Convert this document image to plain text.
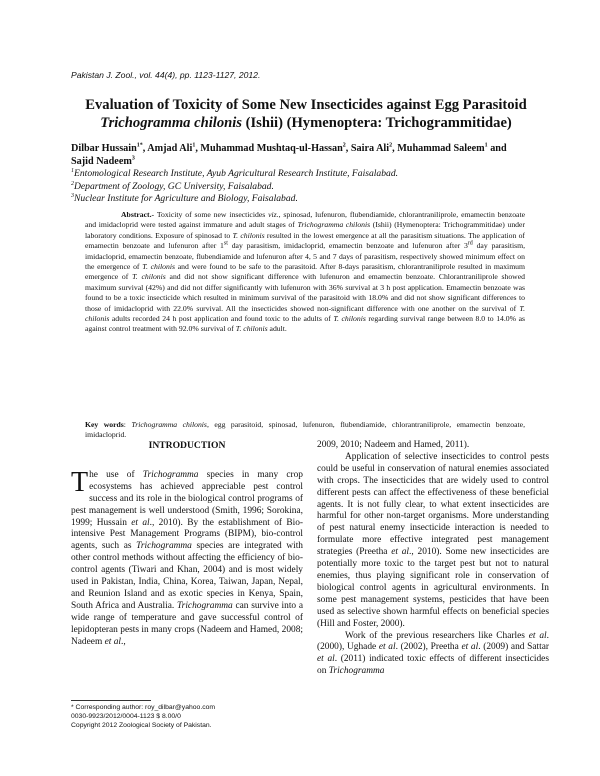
Pakistan J. Zool., vol. 44(4), pp. 1123-1127, 2012.
Evaluation of Toxicity of Some New Insecticides against Egg Parasitoid
Trichogramma chilonis (Ishii) (Hymenoptera: Trichogrammitidae)
Dilbar Hussain$^{1*}$, Amjad Ali$^1$, Muhammad Mushtaq-ul-Hassan$^2$, Saira Ali$^2$, Muhammad Saleem$^1$ and
Sajid Nadeem$^3$
$^1$Entomological Research Institute, Ayub Agricultural Research Institute, Faisalabad.
$^2$Department of Zoology, GC University, Faisalabad.
$^3$Nuclear Institute for Agriculture and Biology, Faisalabad.
Abstract.- Toxicity of some new insecticides viz., spinosad, lufenuron, flubendiamide, chlorantraniliprole, emamectin benzoate and imidacloprid were tested against immature and adult stages of Trichogramma chilonis (Ishii) (Hymenoptera: Trichogrammitidae) under laboratory conditions. Exposure of spinosad to T. chilonis resulted in the lowest emergence at all the parasitism situations. The application of emamectin benzoate and lufenuron after 1st day parasitism, imidacloprid, emamectin benzoate and lufenuron after 3rd day parasitism, imidacloprid, emamectin benzoate, flubendiamide and lufenuron after 4, 5 and 7 days of parasitism, respectively showed minimum effect on the emergence of T. chilonis and were found to be safe to the parasitoid. After 8-days parasitism, chlorantraniliprole resulted in maximum emergence of T. chilonis and did not show significant difference with lufenuron and emamectin benzoate. Chlorantraniliprole showed maximum survival (42%) and did not differ significantly with lufenuron with 36% survival at 3 h post application. Emamectin benzoate was found to be a toxic insecticide which resulted in minimum survival of the parasitoid with 18.0% and did not show significant differences to those of imidacloprid with 22.0% survival. All the insecticides showed non-significant difference with one another on the survival of T. chilonis adults recorded 24 h post application and found toxic to the adults of T. chilonis regarding survival range between 8.0 to 14.0% as against control treatment with 92.0% survival of T. chilonis adult.
Key words: Trichogramma chilonis, egg parasitoid, spinosad, lufenuron, flubendiamide, chlorantraniliprole, emamectin benzoate, imidacloprid.

INTRODUCTION

The use of Trichogramma species in many crop ecosystems has achieved appreciable pest control success and its role in the biological control programs of pest management is well understood (Smith, 1996; Sorokina, 1999; Hussain et al., 2010). By the establishment of Bio-intensive Pest Management Programs (BIPM), bio-control agents, such as Trichogramma species are integrated with other control methods without affecting the efficiency of bio-control agents (Tiwari and Khan, 2004) and is most widely used in Pakistan, India, China, Korea, Taiwan, Japan, Nepal, and Reunion Island and as exotic species in Kenya, Spain, South Africa and Australia. Trichogramma can survive into a wide range of temperature and gave successful control of lepidopteran pests in many crops (Nadeem and Hamed, 2008; Nadeem et al.,

2009, 2010; Nadeem and Hamed, 2011).

Application of selective insecticides to control pests could be useful in conservation of natural enemies associated with crops. The insecticides that are widely used to control different pests can affect the effectiveness of these beneficial agents. It is not fully clear, to what extent insecticides are harmful for other non-target organisms. More understanding of pest natural enemy insecticide interaction is needed to formulate more effective integrated pest management strategies (Preetha et al., 2010). Some new insecticides are potentially more toxic to the target pest but not to natural enemies, thus playing significant role in conservation of biological control agents in agricultural environments. In some pest management systems, pesticides that have been used as selective shown harmful effects on beneficial species (Hill and Foster, 2000).

Work of the previous researchers like Charles et al. (2000), Ughade et al. (2002), Preetha et al. (2009) and Sattar et al. (2011) indicated toxic effects of different insecticides on Trichogramma

* Corresponding author: roy_dilbar@yahoo.com
0030-9923/2012/0004-1123 $ 8.00/0
Copyright 2012 Zoological Society of Pakistan.
